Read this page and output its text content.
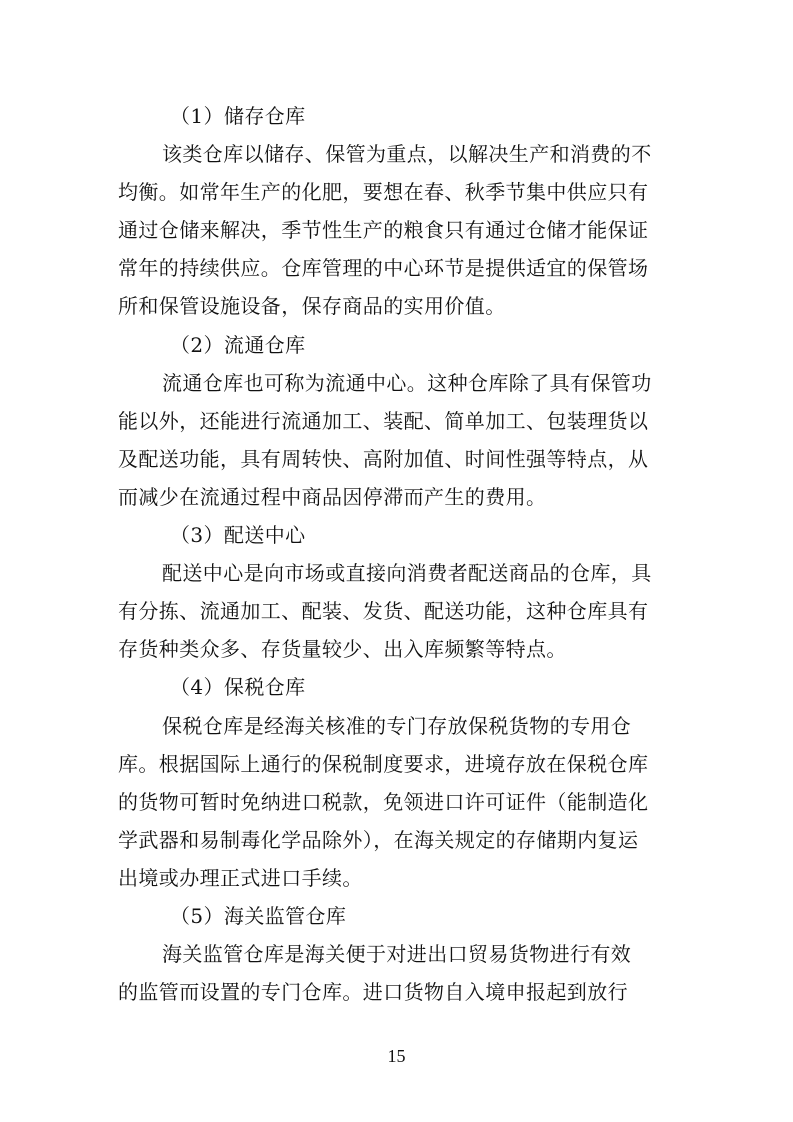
（1）储存仓库
该类仓库以储存、保管为重点，以解决生产和消费的不
均衡。如常年生产的化肥，要想在春、秋季节集中供应只有
通过仓储来解决，季节性生产的粮食只有通过仓储才能保证
常年的持续供应。仓库管理的中心环节是提供适宜的保管场
所和保管设施设备，保存商品的实用价值。
（2）流通仓库
流通仓库也可称为流通中心。这种仓库除了具有保管功
能以外，还能进行流通加工、装配、简单加工、包装理货以
及配送功能，具有周转快、高附加值、时间性强等特点，从
而减少在流通过程中商品因停滞而产生的费用。
（3）配送中心
配送中心是向市场或直接向消费者配送商品的仓库，具
有分拣、流通加工、配装、发货、配送功能，这种仓库具有
存货种类众多、存货量较少、出入库频繁等特点。
（4）保税仓库
保税仓库是经海关核准的专门存放保税货物的专用仓
库。根据国际上通行的保税制度要求，进境存放在保税仓库
的货物可暂时免纳进口税款，免领进口许可证件（能制造化
学武器和易制毒化学品除外），在海关规定的存储期内复运
出境或办理正式进口手续。
（5）海关监管仓库
海关监管仓库是海关便于对进出口贸易货物进行有效
的监管而设置的专门仓库。进口货物自入境申报起到放行
15
